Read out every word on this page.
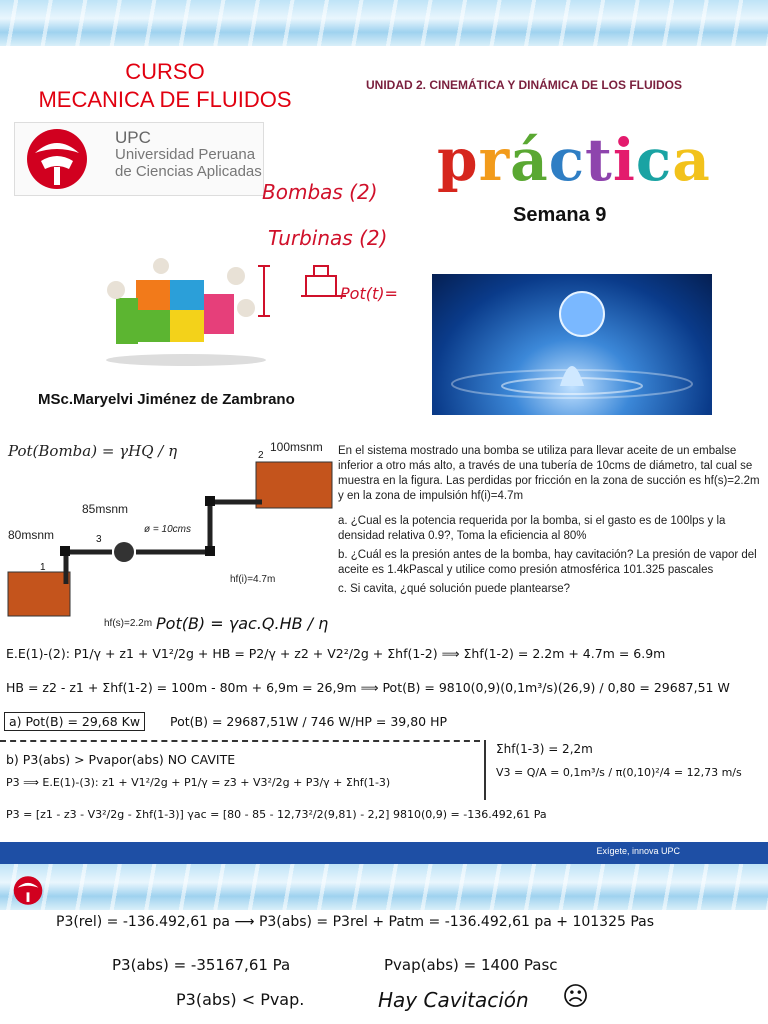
CURSO
MECANICA DE FLUIDOS
UNIDAD 2. CINEMÁTICA Y DINÁMICA DE LOS FLUIDOS
UPC
Universidad Peruana
de Ciencias Aplicadas
Bombas (2)
Turbinas (2)
Pot(t)=
práctica
Semana 9
MSc.Maryelvi Jiménez de Zambrano
Pot(Bomba) = γHQ / η	100msnm
85msnm
80msnm	ø = 10cms
hf(i)=4.7m
hf(s)=2.2m
1
2
3

En el sistema mostrado una bomba se utiliza para llevar aceite de un embalse inferior a otro más alto, a través de una tubería de 10cms de diámetro, tal cual se muestra en la figura. Las perdidas por fricción en la zona de succión es hf(s)=2.2m y en la zona de impulsión hf(i)=4.7m

a. ¿Cual es la potencia requerida por la bomba, si el gasto es de 100lps y la densidad relativa 0.9?, Toma la eficiencia al 80%

b. ¿Cuál es la presión antes de la bomba, hay cavitación? La presión de vapor del aceite es 1.4kPascal y utilice como presión atmosférica 101.325 pascales

c. Si cavita, ¿qué solución puede plantearse?

Pot(B) = γac.Q.HB / η
E.E(1)-(2): P1/γ + z1 + V1²/2g + HB = P2/γ + z2 + V2²/2g + Σhf(1-2) ⟹ Σhf(1-2) = 2.2m + 4.7m = 6.9m
HB = z2 - z1 + Σhf(1-2) = 100m - 80m + 6,9m = 26,9m ⟹ Pot(B) = 9810(0,9)(0,1m³/s)(26,9) / 0,80 = 29687,51 W
a) Pot(B) = 29,68 Kw	Pot(B) = 29687,51W / 746 W/HP = 39,80 HP
b) P3(abs) > Pvapor(abs) NO CAVITE
P3 ⟹ E.E(1)-(3): z1 + V1²/2g + P1/γ = z3 + V3²/2g + P3/γ + Σhf(1-3)
Σhf(1-3) = 2,2m
V3 = Q/A = 0,1m³/s / π(0,10)²/4 = 12,73 m/s
P3 = [z1 - z3 - V3²/2g - Σhf(1-3)] γac = [80 - 85 - 12,73²/2(9,81) - 2,2] 9810(0,9) = -136.492,61 Pa
Exígete, innova UPC
P3(rel) = -136.492,61 pa ⟶ P3(abs) = P3rel + Patm = -136.492,61 pa + 101325 Pas
P3(abs) = -35167,61 Pa	Pvap(abs) = 1400 Pasc
P3(abs) < Pvap.	Hay Cavitación ☹
